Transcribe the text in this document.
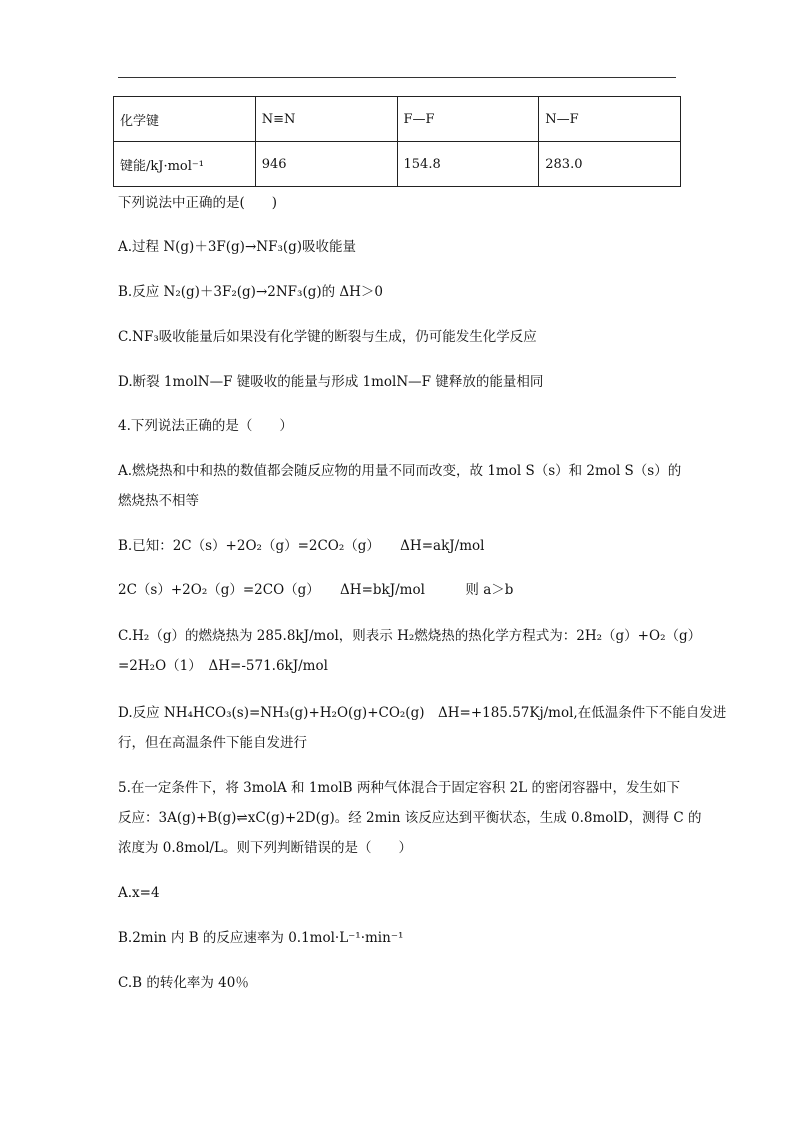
化学键	N≡N	F—F	N—F
键能/kJ·mol⁻¹	946	154.8	283.0
下列说法中正确的是(　　)
A.过程 N(g)＋3F(g)→NF₃(g)吸收能量
B.反应 N₂(g)＋3F₂(g)→2NF₃(g)的 ΔH＞0
C.NF₃吸收能量后如果没有化学键的断裂与生成，仍可能发生化学反应
D.断裂 1molN—F 键吸收的能量与形成 1molN—F 键释放的能量相同
4.下列说法正确的是（　　）
A.燃烧热和中和热的数值都会随反应物的用量不同而改变，故 1mol S（s）和 2mol S（s）的
燃烧热不相等
B.已知：2C（s）+2O₂（g）=2CO₂（g）　　ΔH=akJ/mol
2C（s）+2O₂（g）=2CO（g）　　ΔH=bkJ/mol　　　则 a＞b
C.H₂（g）的燃烧热为 285.8kJ/mol，则表示 H₂燃烧热的热化学方程式为：2H₂（g）+O₂（g）
=2H₂O（1）　ΔH=-571.6kJ/mol
D.反应 NH₄HCO₃(s)=NH₃(g)+H₂O(g)+CO₂(g)　ΔH=+185.57Kj/mol,在低温条件下不能自发进
行，但在高温条件下能自发进行
5.在一定条件下，将 3molA 和 1molB 两种气体混合于固定容积 2L 的密闭容器中，发生如下
反应：3A(g)+B(g)⇌xC(g)+2D(g)。经 2min 该反应达到平衡状态，生成 0.8molD，测得 C 的
浓度为 0.8mol/L。则下列判断错误的是（　　）
A.x=4
B.2min 内 B 的反应速率为 0.1mol·L⁻¹·min⁻¹
C.B 的转化率为 40％
